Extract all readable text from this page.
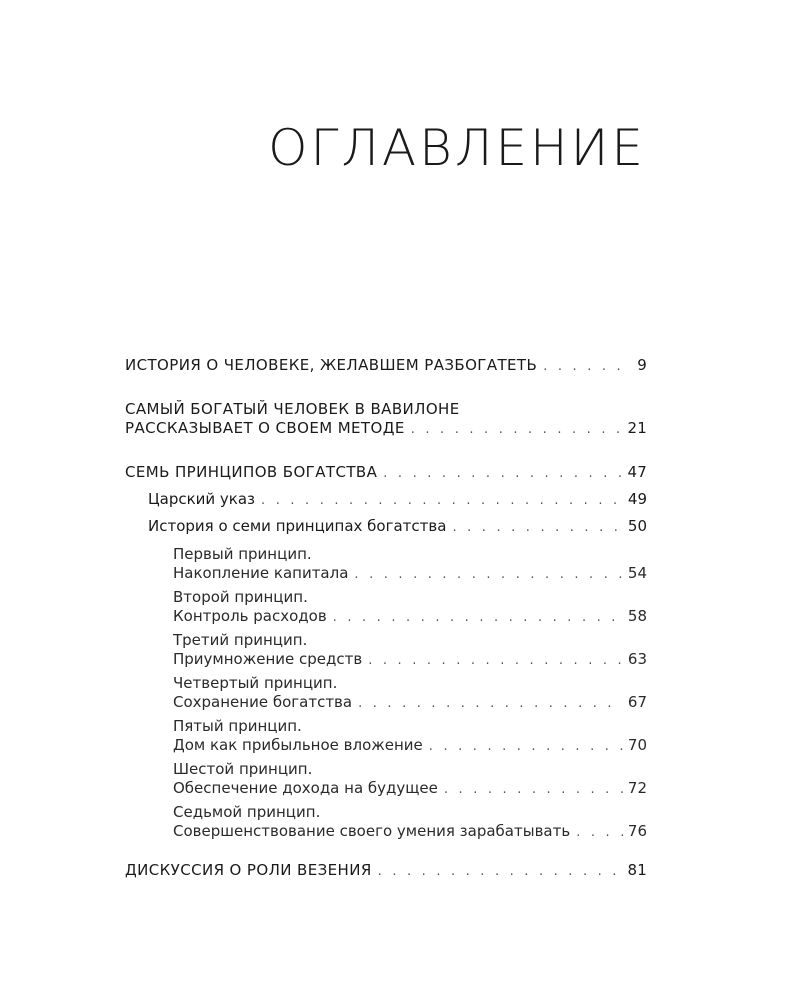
ОГЛАВЛЕНИЕ
ИСТОРИЯ О ЧЕЛОВЕКЕ, ЖЕЛАВШЕМ РАЗБОГАТЕТЬ . . .	9
САМЫЙ БОГАТЫЙ ЧЕЛОВЕК В ВАВИЛОНЕ
РАССКАЗЫВАЕТ О СВОЕМ МЕТОДЕ . . .	21
СЕМЬ ПРИНЦИПОВ БОГАТСТВА . . .	47
Царский указ . . .	49
История о семи принципах богатства . . .	50
Первый принцип.
Накопление капитала . . .	54
Второй принцип.
Контроль расходов . . .	58
Третий принцип.
Приумножение средств . . .	63
Четвертый принцип.
Сохранение богатства . . .	67
Пятый принцип.
Дом как прибыльное вложение . . .	70
Шестой принцип.
Обеспечение дохода на будущее . . .	72
Седьмой принцип.
Совершенствование своего умения зарабатывать . . .	76
ДИСКУССИЯ О РОЛИ ВЕЗЕНИЯ . . .	81
